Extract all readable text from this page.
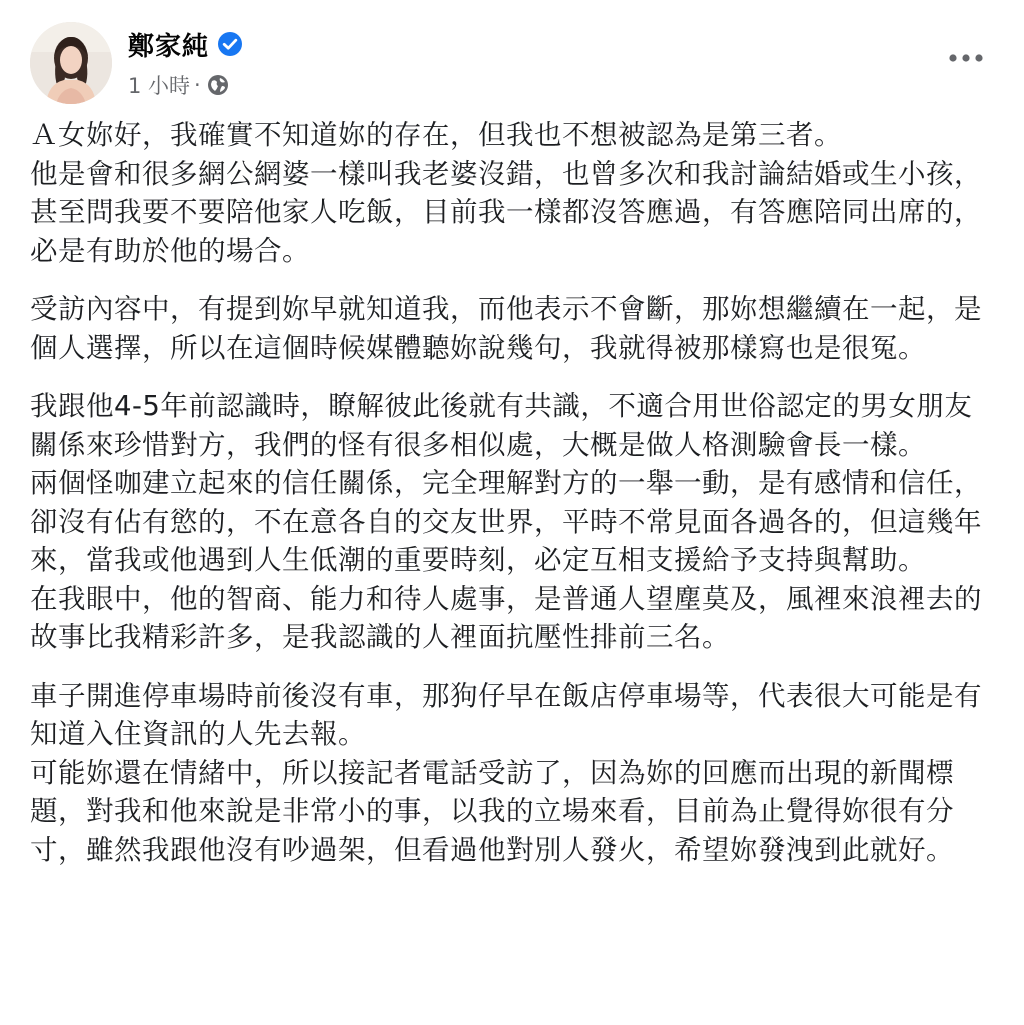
鄭家純
1 小時 ·

Ａ女妳好，我確實不知道妳的存在，但我也不想被認為是第三者。

他是會和很多網公網婆一樣叫我老婆沒錯，也曾多次和我討論結婚或生小孩，甚至問我要不要陪他家人吃飯，目前我一樣都沒答應過，有答應陪同出席的，必是有助於他的場合。

受訪內容中，有提到妳早就知道我，而他表示不會斷，那妳想繼續在一起，是個人選擇，所以在這個時候媒體聽妳說幾句，我就得被那樣寫也是很冤。

我跟他4-5年前認識時，瞭解彼此後就有共識，不適合用世俗認定的男女朋友關係來珍惜對方，我們的怪有很多相似處，大概是做人格測驗會長一樣。

兩個怪咖建立起來的信任關係，完全理解對方的一舉一動，是有感情和信任，卻沒有佔有慾的，不在意各自的交友世界，平時不常見面各過各的，但這幾年來，當我或他遇到人生低潮的重要時刻，必定互相支援給予支持與幫助。

在我眼中，他的智商、能力和待人處事，是普通人望塵莫及，風裡來浪裡去的故事比我精彩許多，是我認識的人裡面抗壓性排前三名。

車子開進停車場時前後沒有車，那狗仔早在飯店停車場等，代表很大可能是有知道入住資訊的人先去報。

可能妳還在情緒中，所以接記者電話受訪了，因為妳的回應而出現的新聞標題，對我和他來說是非常小的事，以我的立場來看，目前為止覺得妳很有分寸，雖然我跟他沒有吵過架，但看過他對別人發火，希望妳發洩到此就好。
